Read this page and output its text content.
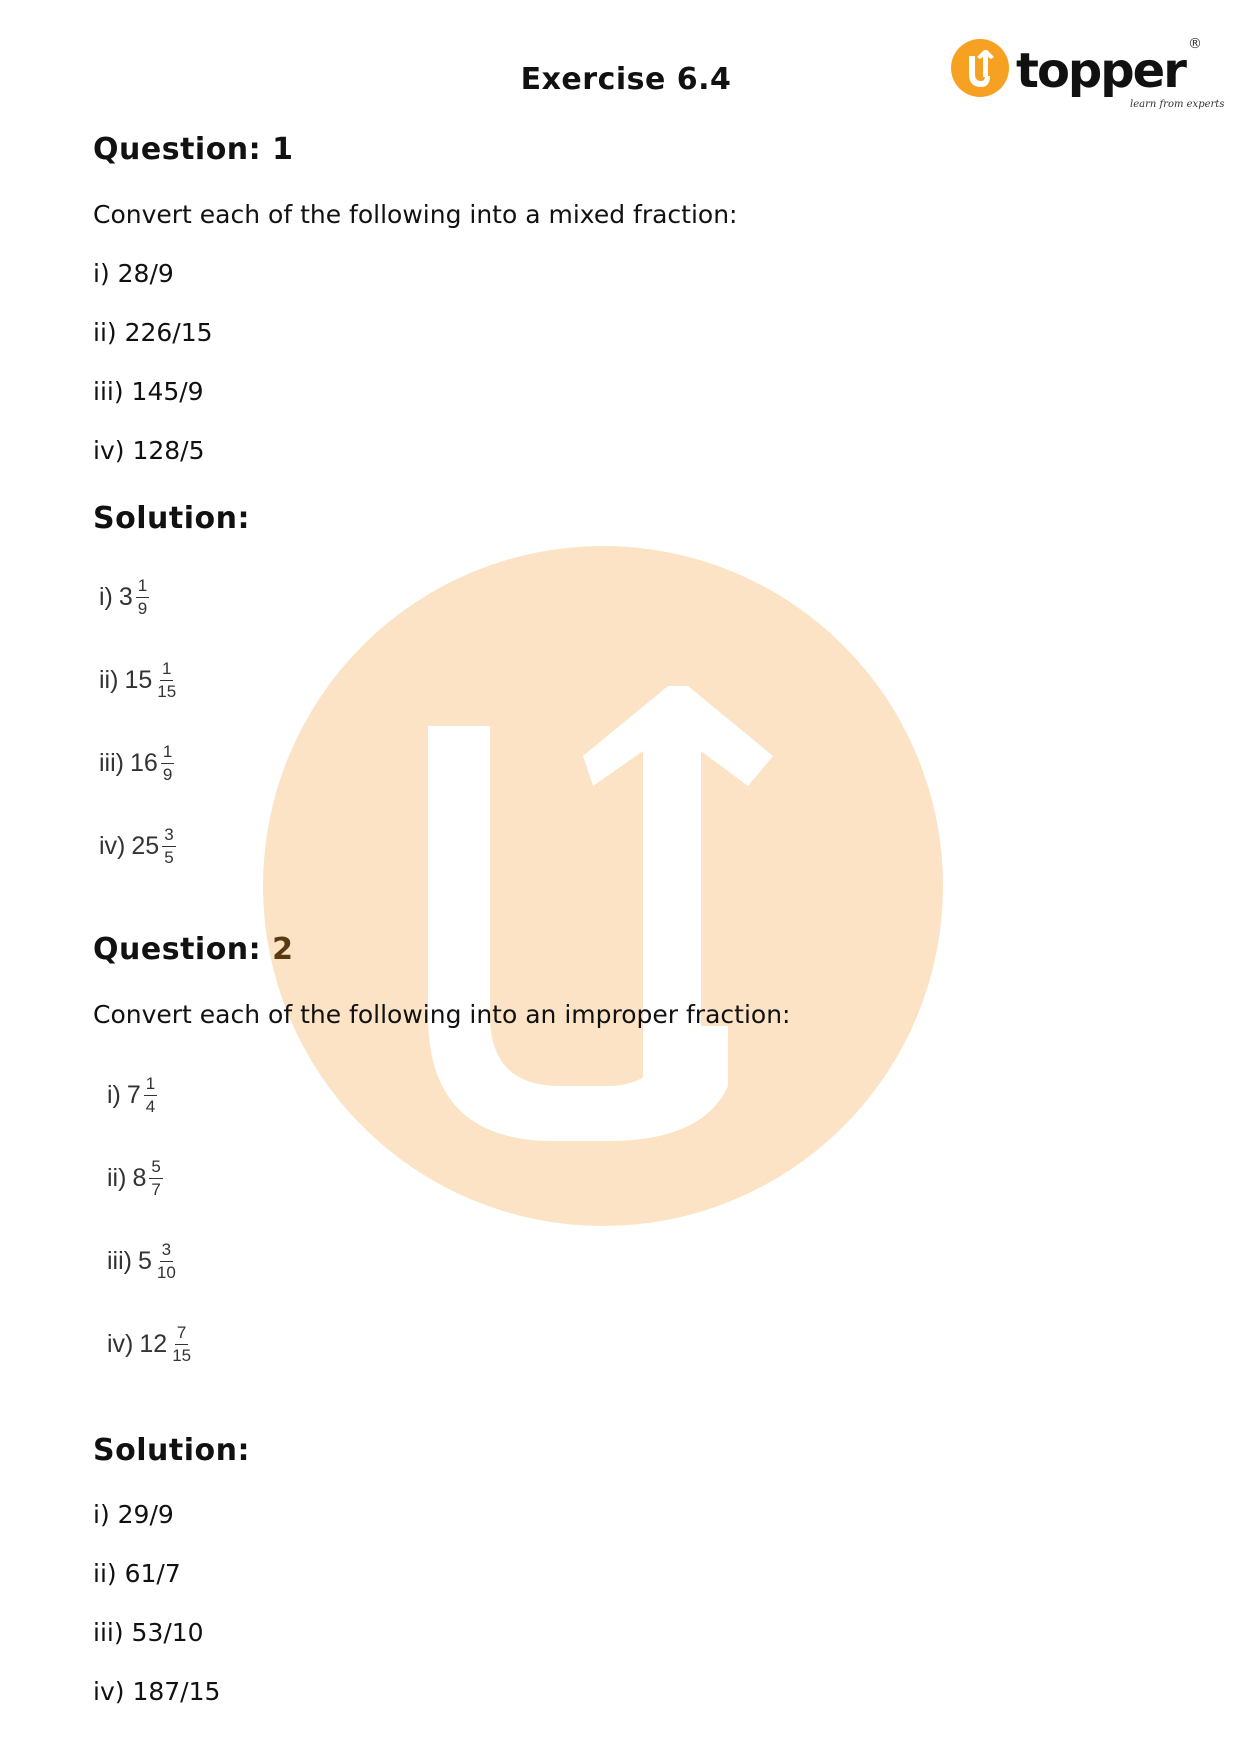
topper
learn from experts
®
Exercise 6.4
Question: 1

Convert each of the following into a mixed fraction:

i) 28/9

ii) 226/15

iii) 145/9

iv) 128/5

Solution:
i) $3 \frac{1}{9}$
ii) $15 \frac{1}{15}$
iii) $16 \frac{1}{9}$
iv) $25 \frac{3}{5}$
Question: 2

Convert each of the following into an improper fraction:

i) $7 \frac{1}{4}$
ii) $8 \frac{5}{7}$
iii) $5 \frac{3}{10}$
iv) $12 \frac{7}{15}$
Solution:

i) 29/9

ii) 61/7

iii) 53/10

iv) 187/15
